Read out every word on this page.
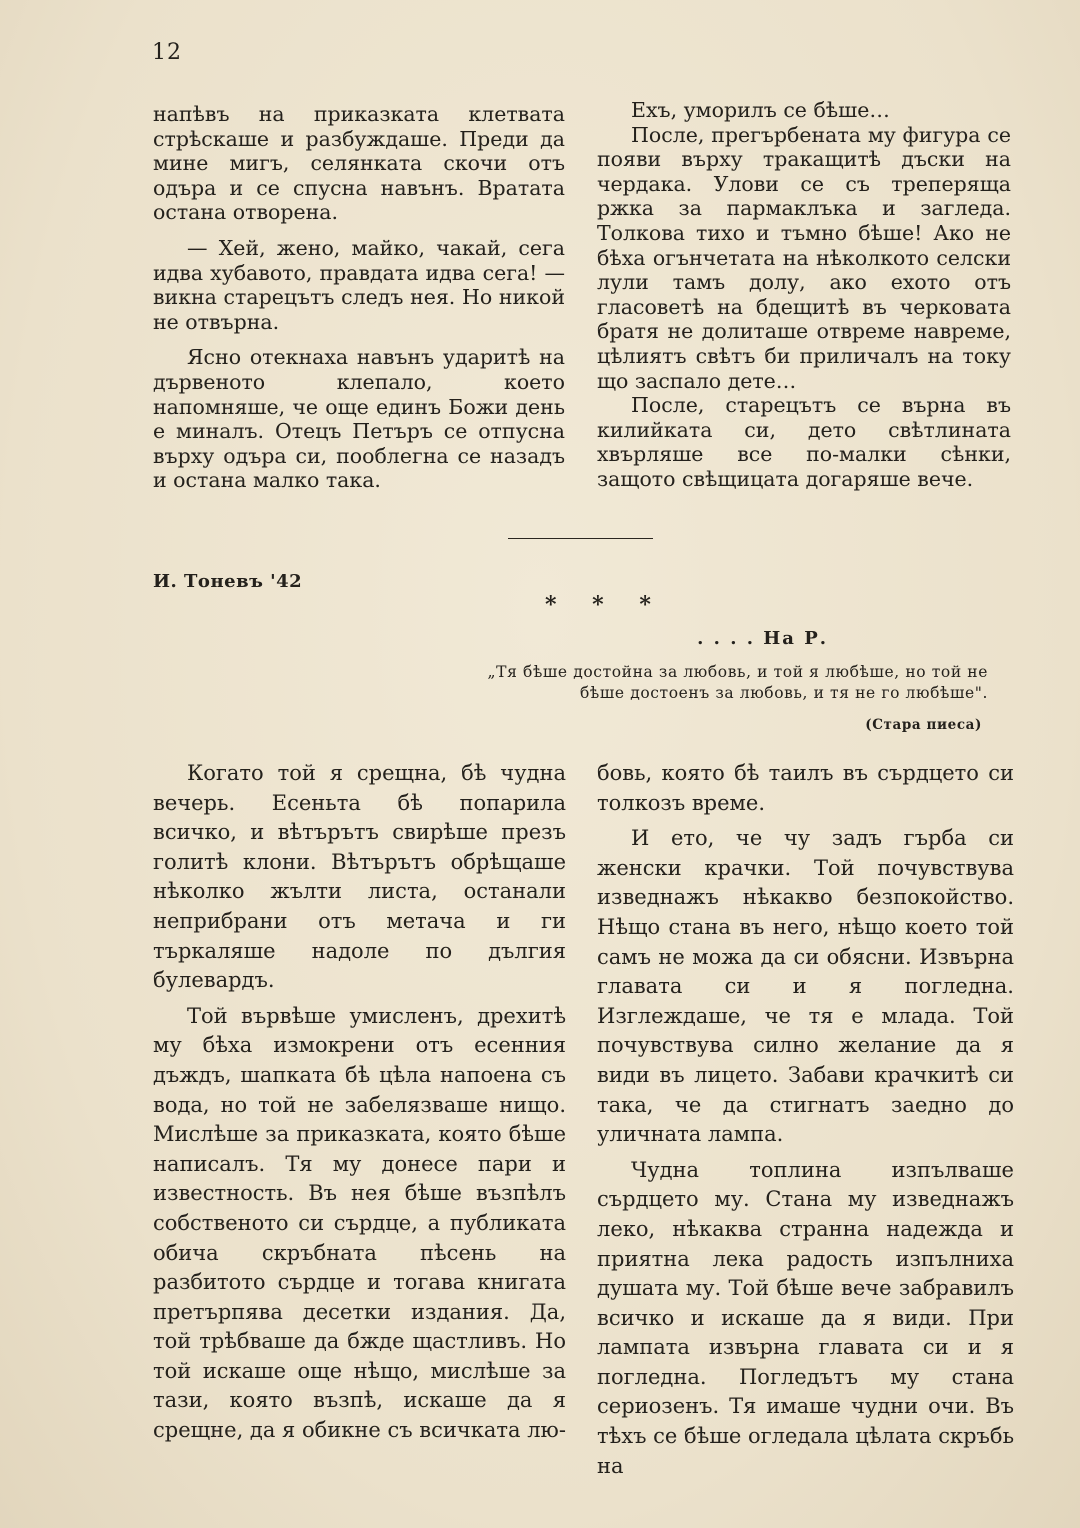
12

напѣвъ на приказката клетвата стрѣскаше и разбуждаше. Преди да мине мигъ, селянката скочи отъ одъра и се спусна навънъ. Вратата остана отворена.

— Хей, жено, майко, чакай, сега идва хубавото, правдата идва сега! — викна старецътъ следъ нея. Но никой не отвърна.

Ясно отекнаха навънъ ударитѣ на дървеното клепало, което напомняше, че още единъ Божи день е миналъ. Отецъ Петъръ се отпусна върху одъра си, пооблегна се назадъ и остана малко така.

Ехъ, уморилъ се бѣше…

После, прегърбената му фигура се появи върху тракащитѣ дъски на чердака. Улови се съ треперяща ржка за пармаклъка и загледа. Толкова тихо и тъмно бѣше! Ако не бѣха огънчетата на нѣколкото селски лули тамъ долу, ако ехото отъ гласоветѣ на бдещитѣ въ черковата братя не долиташе отвреме навреме, цѣлиятъ свѣтъ би приличалъ на току що заспало дете…

После, старецътъ се върна въ килийката си, дето свѣтлината хвърляше все по-малки сѣнки, защото свѣщицата догаряше вече.

И. Тоневъ '42
* * *
. . . . На Р.
„Тя бѣше достойна за любовь, и той я любѣше, но той не бѣше достоенъ за любовь, и тя не го любѣше".
(Стара пиеса)

Когато той я срещна, бѣ чудна вечерь. Есеньта бѣ попарила всичко, и вѣтърътъ свирѣше презъ голитѣ клони. Вѣтърътъ обрѣщаше нѣколко жълти листа, останали неприбрани отъ метача и ги търкаляше надоле по дългия булевардъ.

Той вървѣше умисленъ, дрехитѣ му бѣха измокрени отъ есенния дъждъ, шапката бѣ цѣла напоена съ вода, но той не забелязваше нищо. Мислѣше за приказката, която бѣше написалъ. Тя му донесе пари и известность. Въ нея бѣше възпѣлъ собственото си сърдце, а публиката обича скръбната пѣсень на разбитото сърдце и тогава книгата претърпява десетки издания. Да, той трѣбваше да бжде щастливъ. Но той искаше още нѣщо, мислѣше за тази, която възпѣ, искаше да я срещне, да я обикне съ всичката лю-

бовь, която бѣ таилъ въ сърдцето си толкозъ време.

И ето, че чу задъ гърба си женски крачки. Той почувствува изведнажъ нѣкакво безпокойство. Нѣщо стана въ него, нѣщо което той самъ не можа да си обясни. Извърна главата си и я погледна. Изглеждаше, че тя е млада. Той почувствува силно желание да я види въ лицето. Забави крачкитѣ си така, че да стигнатъ заедно до уличната лампа.

Чудна топлина изпълваше сърдцето му. Стана му изведнажъ леко, нѣкаква странна надежда и приятна лека радость изпълниха душата му. Той бѣше вече забравилъ всичко и искаше да я види. При лампата извърна главата си и я погледна. Погледътъ му стана сериозенъ. Тя имаше чудни очи. Въ тѣхъ се бѣше огледала цѣлата скръбь на
